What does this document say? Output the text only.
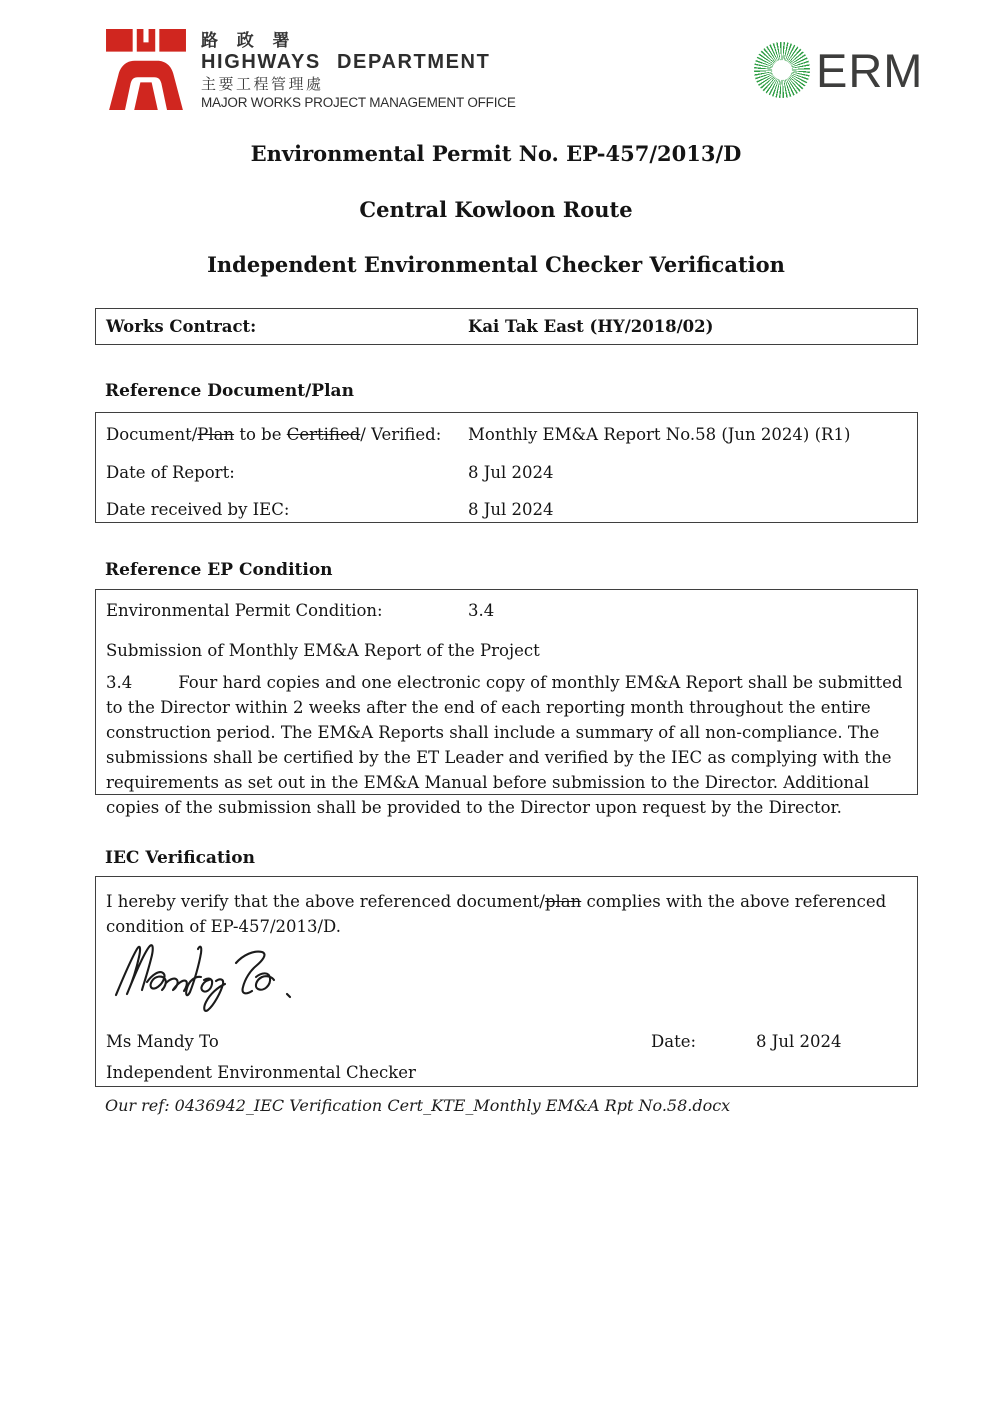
路 政 署
HIGHWAYS DEPARTMENT
主要工程管理處
MAJOR WORKS PROJECT MANAGEMENT OFFICE
ERM
Environmental Permit No. EP-457/2013/D
Central Kowloon Route
Independent Environmental Checker Verification
Works Contract:	Kai Tak East (HY/2018/02)
Reference Document/Plan
Document/Plan to be Certified/ Verified: Monthly EM&A Report No.58 (Jun 2024) (R1)
Date of Report:	8 Jul 2024
Date received by IEC:	8 Jul 2024
Reference EP Condition
Environmental Permit Condition:	3.4
Submission of Monthly EM&A Report of the Project
3.4	Four hard copies and one electronic copy of monthly EM&A Report shall be submitted to the Director within 2 weeks after the end of each reporting month throughout the entire construction period. The EM&A Reports shall include a summary of all non-compliance. The submissions shall be certified by the ET Leader and verified by the IEC as complying with the requirements as set out in the EM&A Manual before submission to the Director. Additional copies of the submission shall be provided to the Director upon request by the Director.
IEC Verification
I hereby verify that the above referenced document/plan complies with the above referenced condition of EP-457/2013/D.
Ms Mandy To	Date:	8 Jul 2024
Independent Environmental Checker
Our ref: 0436942_IEC Verification Cert_KTE_Monthly EM&A Rpt No.58.docx
